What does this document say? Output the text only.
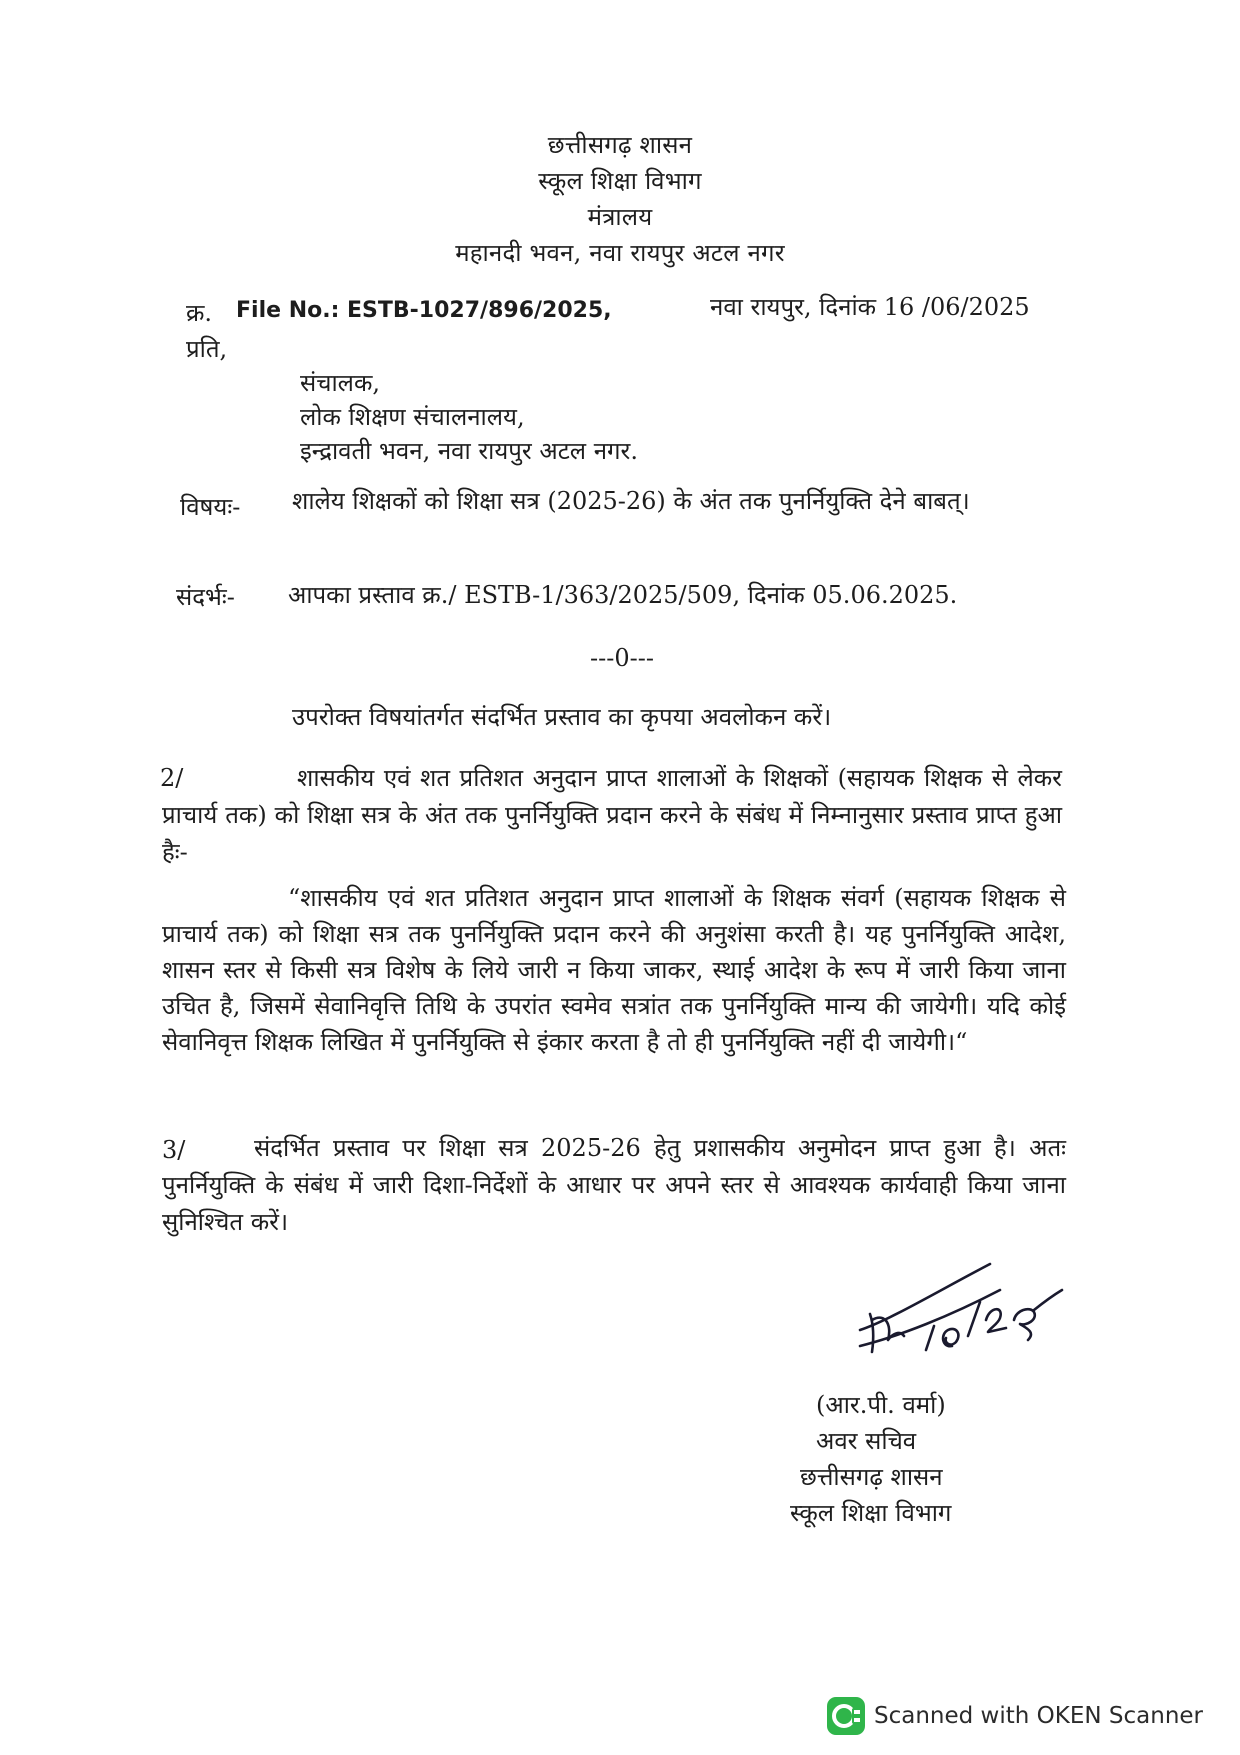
छत्तीसगढ़ शासन
स्कूल शिक्षा विभाग
मंत्रालय
महानदी भवन, नवा रायपुर अटल नगर
क्र. File No.: ESTB-1027/896/2025,	नवा रायपुर, दिनांक 16 /06/2025
प्रति,
संचालक,
लोक शिक्षण संचालनालय,
इन्द्रावती भवन, नवा रायपुर अटल नगर.
विषयः- शालेय शिक्षकों को शिक्षा सत्र (2025-26) के अंत तक पुनर्नियुक्ति देने बाबत्।
संदर्भः- आपका प्रस्ताव क्र./ ESTB-1/363/2025/509, दिनांक 05.06.2025.
---0---
उपरोक्त विषयांतर्गत संदर्भित प्रस्ताव का कृपया अवलोकन करें।
2/	शासकीय एवं शत प्रतिशत अनुदान प्राप्त शालाओं के शिक्षकों (सहायक शिक्षक से लेकर प्राचार्य तक) को शिक्षा सत्र के अंत तक पुनर्नियुक्ति प्रदान करने के संबंध में निम्नानुसार प्रस्ताव प्राप्त हुआ हैः-
“शासकीय एवं शत प्रतिशत अनुदान प्राप्त शालाओं के शिक्षक संवर्ग (सहायक शिक्षक से प्राचार्य तक) को शिक्षा सत्र तक पुनर्नियुक्ति प्रदान करने की अनुशंसा करती है। यह पुनर्नियुक्ति आदेश, शासन स्तर से किसी सत्र विशेष के लिये जारी न किया जाकर, स्थाई आदेश के रूप में जारी किया जाना उचित है, जिसमें सेवानिवृत्ति तिथि के उपरांत स्वमेव सत्रांत तक पुनर्नियुक्ति मान्य की जायेगी। यदि कोई सेवानिवृत्त शिक्षक लिखित में पुनर्नियुक्ति से इंकार करता है तो ही पुनर्नियुक्ति नहीं दी जायेगी।“
3/	संदर्भित प्रस्ताव पर शिक्षा सत्र 2025-26 हेतु प्रशासकीय अनुमोदन प्राप्त हुआ है। अतः पुनर्नियुक्ति के संबंध में जारी दिशा-निर्देशों के आधार पर अपने स्तर से आवश्यक कार्यवाही किया जाना सुनिश्चित करें।
16/6/25
(आर.पी. वर्मा)
अवर सचिव
छत्तीसगढ़ शासन
स्कूल शिक्षा विभाग
Scanned with OKEN Scanner
